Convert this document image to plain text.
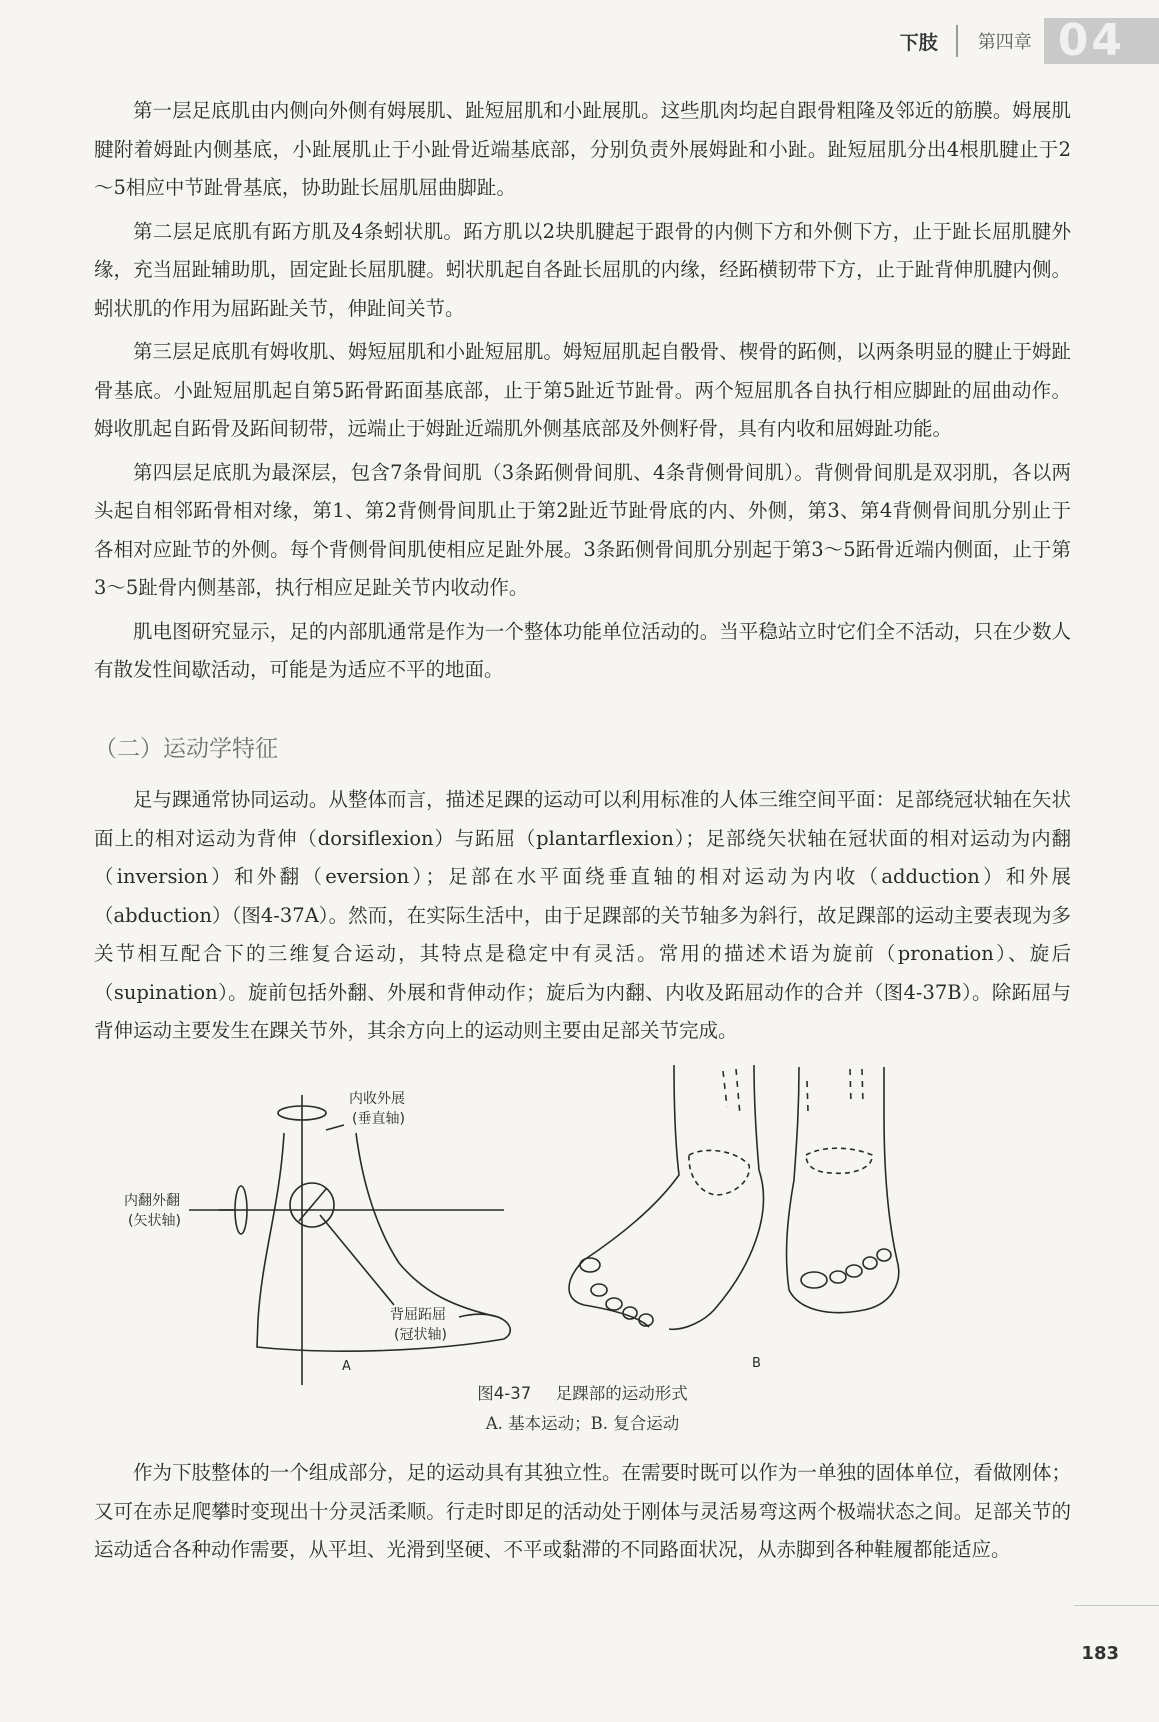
下肢 第四章 04

第一层足底肌由内侧向外侧有姆展肌、趾短屈肌和小趾展肌。这些肌肉均起自跟骨粗隆及邻近的筋膜。姆展肌腱附着姆趾内侧基底，小趾展肌止于小趾骨近端基底部，分别负责外展姆趾和小趾。趾短屈肌分出4根肌腱止于2～5相应中节趾骨基底，协助趾长屈肌屈曲脚趾。

第二层足底肌有跖方肌及4条蚓状肌。跖方肌以2块肌腱起于跟骨的内侧下方和外侧下方，止于趾长屈肌腱外缘，充当屈趾辅助肌，固定趾长屈肌腱。蚓状肌起自各趾长屈肌的内缘，经跖横韧带下方，止于趾背伸肌腱内侧。蚓状肌的作用为屈跖趾关节，伸趾间关节。

第三层足底肌有姆收肌、姆短屈肌和小趾短屈肌。姆短屈肌起自骰骨、楔骨的跖侧，以两条明显的腱止于姆趾骨基底。小趾短屈肌起自第5跖骨跖面基底部，止于第5趾近节趾骨。两个短屈肌各自执行相应脚趾的屈曲动作。姆收肌起自跖骨及跖间韧带，远端止于姆趾近端肌外侧基底部及外侧籽骨，具有内收和屈姆趾功能。

第四层足底肌为最深层，包含7条骨间肌（3条跖侧骨间肌、4条背侧骨间肌）。背侧骨间肌是双羽肌，各以两头起自相邻跖骨相对缘，第1、第2背侧骨间肌止于第2趾近节趾骨底的内、外侧，第3、第4背侧骨间肌分别止于各相对应趾节的外侧。每个背侧骨间肌使相应足趾外展。3条跖侧骨间肌分别起于第3～5跖骨近端内侧面，止于第3～5趾骨内侧基部，执行相应足趾关节内收动作。

肌电图研究显示，足的内部肌通常是作为一个整体功能单位活动的。当平稳站立时它们全不活动，只在少数人有散发性间歇活动，可能是为适应不平的地面。

（二）运动学特征

足与踝通常协同运动。从整体而言，描述足踝的运动可以利用标准的人体三维空间平面：足部绕冠状轴在矢状面上的相对运动为背伸（dorsiflexion）与跖屈（plantarflexion）；足部绕矢状轴在冠状面的相对运动为内翻（inversion）和外翻（eversion）；足部在水平面绕垂直轴的相对运动为内收（adduction）和外展（abduction）（图4-37A）。然而，在实际生活中，由于足踝部的关节轴多为斜行，故足踝部的运动主要表现为多关节相互配合下的三维复合运动，其特点是稳定中有灵活。常用的描述术语为旋前（pronation）、旋后（supination）。旋前包括外翻、外展和背伸动作；旋后为内翻、内收及跖屈动作的合并（图4-37B）。除跖屈与背伸运动主要发生在踝关节外，其余方向上的运动则主要由足部关节完成。

内收外展
(垂直轴)
内翻外翻
(矢状轴)
背屈跖屈
(冠状轴)
A	B
图4-37 足踝部的运动形式
A. 基本运动；B. 复合运动

作为下肢整体的一个组成部分，足的运动具有其独立性。在需要时既可以作为一单独的固体单位，看做刚体；又可在赤足爬攀时变现出十分灵活柔顺。行走时即足的活动处于刚体与灵活易弯这两个极端状态之间。足部关节的运动适合各种动作需要，从平坦、光滑到坚硬、不平或黏滞的不同路面状况，从赤脚到各种鞋履都能适应。

183
